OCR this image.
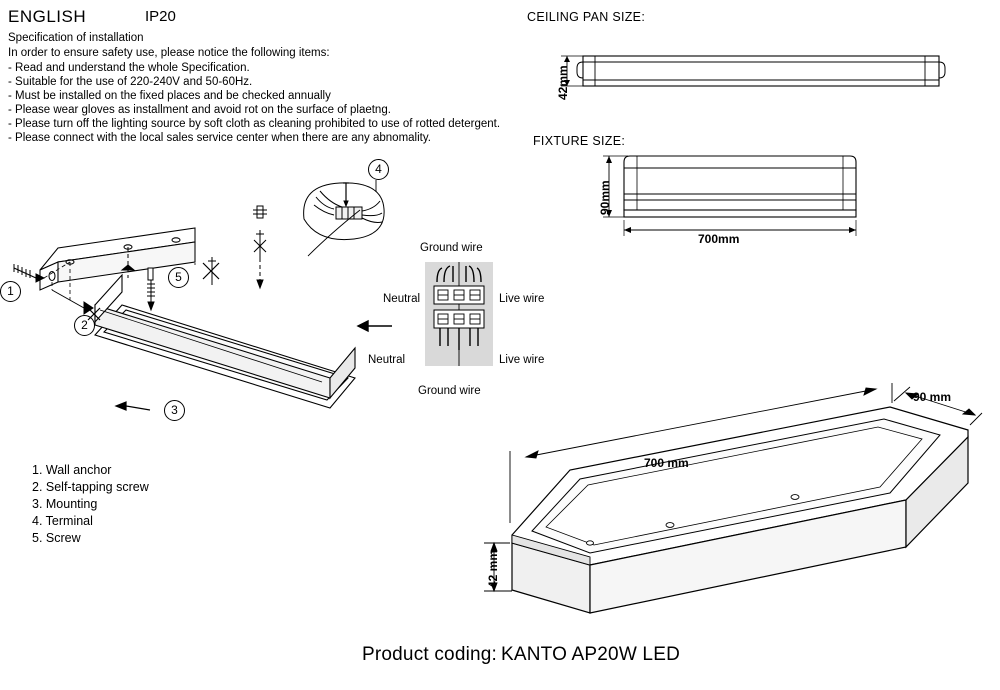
ENGLISH	IP20
Specification of installation
In order to ensure safety use, please notice the following items:
- Read and understand the whole Specification.
- Suitable for the use of 220-240V and 50-60Hz.
- Must be installed on the fixed places and be checked annually
- Please wear gloves as installment and avoid rot on the surface of plaetng.
- Please turn off the lighting source by soft cloth as cleaning prohibited to use of rotted detergent.
- Please connect with the local sales service center when there are any abnomality.
CEILING PAN SIZE:
42mm
FIXTURE SIZE:
90mm
700mm
1
2
3
4
5
Ground wire
Neutral	Live wire
Neutral	Live wire
Ground wire
1. Wall anchor
2. Self-tapping screw
3. Mounting
4. Terminal
5. Screw
700 mm
90 mm
42 mm
Product coding: KANTO AP20W LED
